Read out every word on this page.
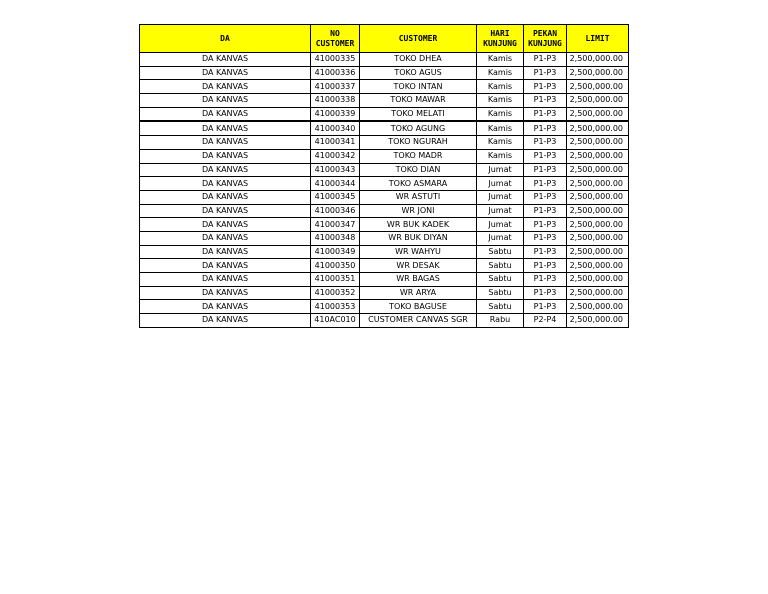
DA	NO CUSTOMER	CUSTOMER	HARI KUNJUNG	PEKAN KUNJUNG	LIMIT
DA KANVAS	41000335	TOKO DHEA	Kamis	P1-P3	2,500,000.00
DA KANVAS	41000336	TOKO AGUS	Kamis	P1-P3	2,500,000.00
DA KANVAS	41000337	TOKO INTAN	Kamis	P1-P3	2,500,000.00
DA KANVAS	41000338	TOKO MAWAR	Kamis	P1-P3	2,500,000.00
DA KANVAS	41000339	TOKO MELATI	Kamis	P1-P3	2,500,000.00
DA KANVAS	41000340	TOKO AGUNG	Kamis	P1-P3	2,500,000.00
DA KANVAS	41000341	TOKO NGURAH	Kamis	P1-P3	2,500,000.00
DA KANVAS	41000342	TOKO MADR	Kamis	P1-P3	2,500,000.00
DA KANVAS	41000343	TOKO DIAN	Jumat	P1-P3	2,500,000.00
DA KANVAS	41000344	TOKO ASMARA	Jumat	P1-P3	2,500,000.00
DA KANVAS	41000345	WR ASTUTI	Jumat	P1-P3	2,500,000.00
DA KANVAS	41000346	WR JONI	Jumat	P1-P3	2,500,000.00
DA KANVAS	41000347	WR BUK KADEK	Jumat	P1-P3	2,500,000.00
DA KANVAS	41000348	WR BUK DIYAN	Jumat	P1-P3	2,500,000.00
DA KANVAS	41000349	WR WAHYU	Sabtu	P1-P3	2,500,000.00
DA KANVAS	41000350	WR DESAK	Sabtu	P1-P3	2,500,000.00
DA KANVAS	41000351	WR BAGAS	Sabtu	P1-P3	2,500,000.00
DA KANVAS	41000352	WR ARYA	Sabtu	P1-P3	2,500,000.00
DA KANVAS	41000353	TOKO BAGUSE	Sabtu	P1-P3	2,500,000.00
DA KANVAS	410AC010	CUSTOMER CANVAS SGR	Rabu	P2-P4	2,500,000.00
